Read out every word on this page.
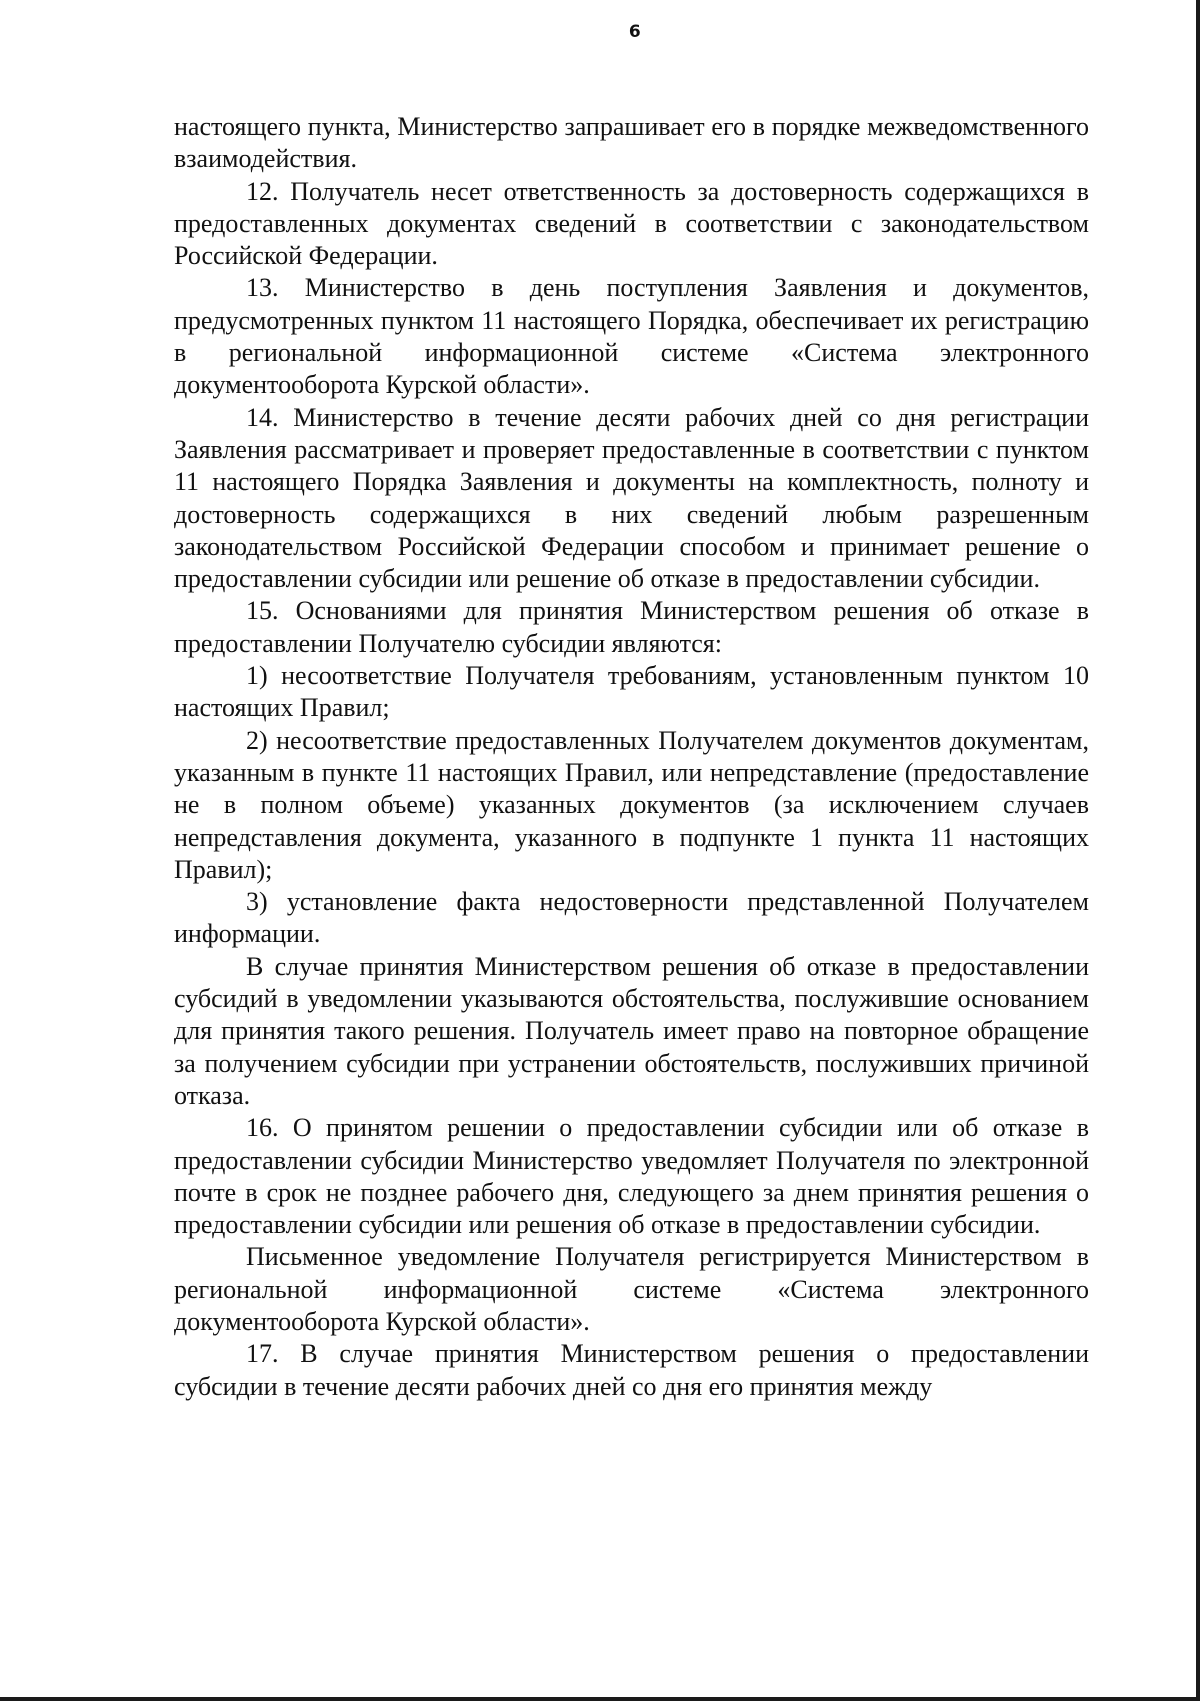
6

настоящего пункта, Министерство запрашивает его в порядке межведомственного взаимодействия.

12. Получатель несет ответственность за достоверность содержащихся в предоставленных документах сведений в соответствии с законодательством Российской Федерации.

13. Министерство в день поступления Заявления и документов, предусмотренных пунктом 11 настоящего Порядка, обеспечивает их регистрацию в региональной информационной системе «Система электронного документооборота Курской области».

14. Министерство в течение десяти рабочих дней со дня регистрации Заявления рассматривает и проверяет предоставленные в соответствии с пунктом 11 настоящего Порядка Заявления и документы на комплектность, полноту и достоверность содержащихся в них сведений любым разрешенным законодательством Российской Федерации способом и принимает решение о предоставлении субсидии или решение об отказе в предоставлении субсидии.

15. Основаниями для принятия Министерством решения об отказе в предоставлении Получателю субсидии являются:

1) несоответствие Получателя требованиям, установленным пунктом 10 настоящих Правил;

2) несоответствие предоставленных Получателем документов документам, указанным в пункте 11 настоящих Правил, или непредставление (предоставление не в полном объеме) указанных документов (за исключением случаев непредставления документа, указанного в подпункте 1 пункта 11 настоящих Правил);

3) установление факта недостоверности представленной Получателем информации.

В случае принятия Министерством решения об отказе в предоставлении субсидий в уведомлении указываются обстоятельства, послужившие основанием для принятия такого решения. Получатель имеет право на повторное обращение за получением субсидии при устранении обстоятельств, послуживших причиной отказа.

16. О принятом решении о предоставлении субсидии или об отказе в предоставлении субсидии Министерство уведомляет Получателя по электронной почте в срок не позднее рабочего дня, следующего за днем принятия решения о предоставлении субсидии или решения об отказе в предоставлении субсидии.

Письменное уведомление Получателя регистрируется Министерством в региональной информационной системе «Система электронного документооборота Курской области».

17. В случае принятия Министерством решения о предоставлении субсидии в течение десяти рабочих дней со дня его принятия между
